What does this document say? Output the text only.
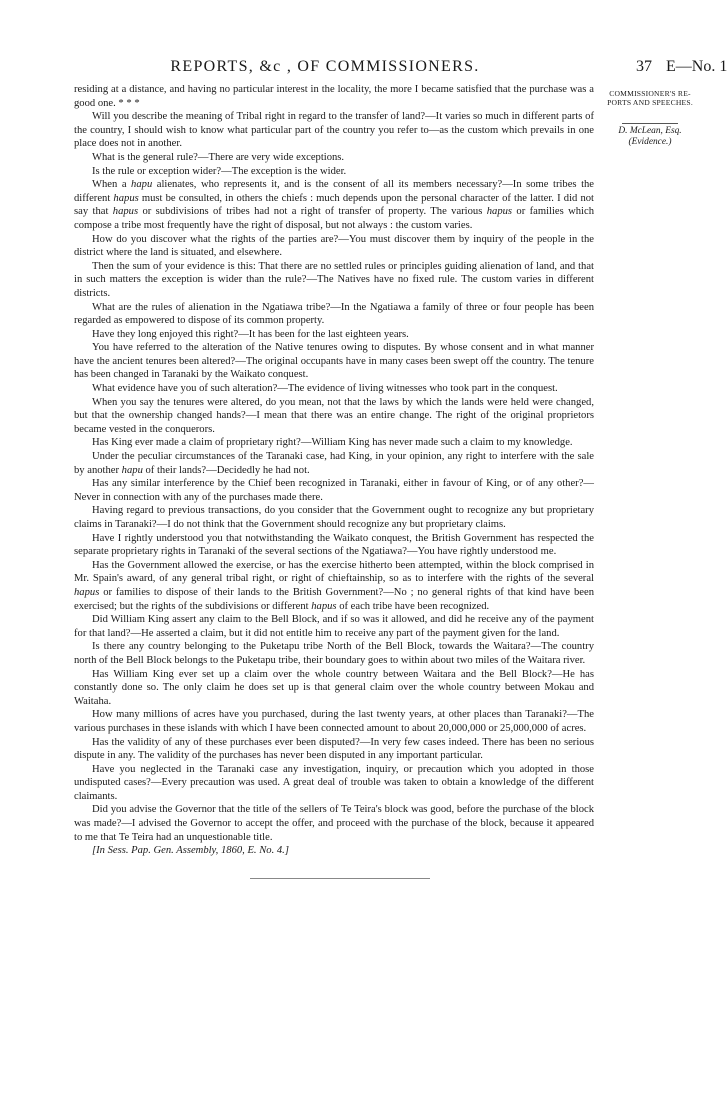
REPORTS, &c , OF COMMISSIONERS.	37 E—No. 1
COMMISSIONER'S RE-
PORTS AND SPEECHES.
D. McLean, Esq.
(Evidence.)

residing at a distance, and having no particular interest in the locality, the more I became satisfied that the purchase was a good one. * * *

Will you describe the meaning of Tribal right in regard to the transfer of land?—It varies so much in different parts of the country, I should wish to know what particular part of the country you refer to—as the custom which prevails in one place does not in another.

What is the general rule?—There are very wide exceptions.

Is the rule or exception wider?—The exception is the wider.

When a hapu alienates, who represents it, and is the consent of all its members necessary?—In some tribes the different hapus must be consulted, in others the chiefs : much depends upon the personal character of the latter. I did not say that hapus or subdivisions of tribes had not a right of transfer of property. The various hapus or families which compose a tribe most frequently have the right of disposal, but not always : the custom varies.

How do you discover what the rights of the parties are?—You must discover them by inquiry of the people in the district where the land is situated, and elsewhere.

Then the sum of your evidence is this: That there are no settled rules or principles guiding alienation of land, and that in such matters the exception is wider than the rule?—The Natives have no fixed rule. The custom varies in different districts.

What are the rules of alienation in the Ngatiawa tribe?—In the Ngatiawa a family of three or four people has been regarded as empowered to dispose of its common property.

Have they long enjoyed this right?—It has been for the last eighteen years.

You have referred to the alteration of the Native tenures owing to disputes. By whose consent and in what manner have the ancient tenures been altered?—The original occupants have in many cases been swept off the country. The tenure has been changed in Taranaki by the Waikato conquest.

What evidence have you of such alteration?—The evidence of living witnesses who took part in the conquest.

When you say the tenures were altered, do you mean, not that the laws by which the lands were held were changed, but that the ownership changed hands?—I mean that there was an entire change. The right of the original proprietors became vested in the conquerors.

Has King ever made a claim of proprietary right?—William King has never made such a claim to my knowledge.

Under the peculiar circumstances of the Taranaki case, had King, in your opinion, any right to interfere with the sale by another hapu of their lands?—Decidedly he had not.

Has any similar interference by the Chief been recognized in Taranaki, either in favour of King, or of any other?—Never in connection with any of the purchases made there.

Having regard to previous transactions, do you consider that the Government ought to recognize any but proprietary claims in Taranaki?—I do not think that the Government should recognize any but proprietary claims.

Have I rightly understood you that notwithstanding the Waikato conquest, the British Government has respected the separate proprietary rights in Taranaki of the several sections of the Ngatiawa?—You have rightly understood me.

Has the Government allowed the exercise, or has the exercise hitherto been attempted, within the block comprised in Mr. Spain's award, of any general tribal right, or right of chieftainship, so as to interfere with the rights of the several hapus or families to dispose of their lands to the British Government?—No ; no general rights of that kind have been exercised; but the rights of the subdivisions or different hapus of each tribe have been recognized.

Did William King assert any claim to the Bell Block, and if so was it allowed, and did he receive any of the payment for that land?—He asserted a claim, but it did not entitle him to receive any part of the payment given for the land.

Is there any country belonging to the Puketapu tribe North of the Bell Block, towards the Waitara?—The country north of the Bell Block belongs to the Puketapu tribe, their boundary goes to within about two miles of the Waitara river.

Has William King ever set up a claim over the whole country between Waitara and the Bell Block?—He has constantly done so. The only claim he does set up is that general claim over the whole country between Mokau and Waitaha.

How many millions of acres have you purchased, during the last twenty years, at other places than Taranaki?—The various purchases in these islands with which I have been connected amount to about 20,000,000 or 25,000,000 of acres.

Has the validity of any of these purchases ever been disputed?—In very few cases indeed. There has been no serious dispute in any. The validity of the purchases has never been disputed in any important particular.

Have you neglected in the Taranaki case any investigation, inquiry, or precaution which you adopted in those undisputed cases?—Every precaution was used. A great deal of trouble was taken to obtain a knowledge of the different claimants.

Did you advise the Governor that the title of the sellers of Te Teira's block was good, before the purchase of the block was made?—I advised the Governor to accept the offer, and proceed with the purchase of the block, because it appeared to me that Te Teira had an unquestionable title.

[In Sess. Pap. Gen. Assembly, 1860, E. No. 4.]
